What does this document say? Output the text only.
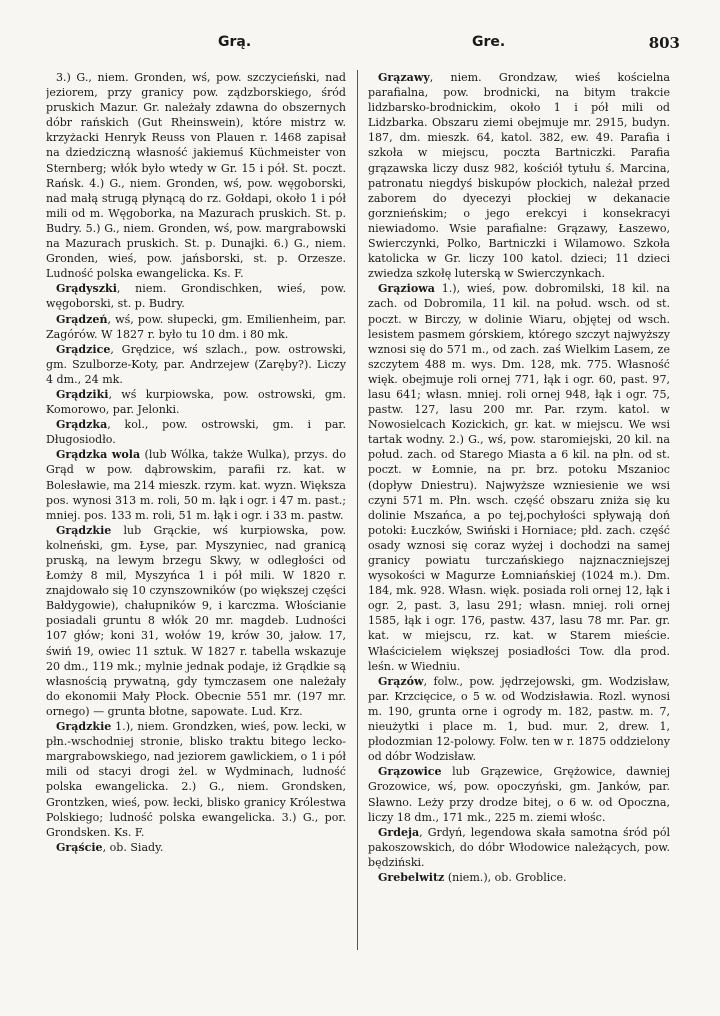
Grą.	Gre.	803

3.) G., niem. Gronden, wś, pow. szczycieński, nad jeziorem, przy granicy pow. ządzborskiego, śród pruskich Mazur. Gr. należały zdawna do obszernych dóbr rańskich (Gut Rheinswein), które mistrz w. krzyżacki Henryk Reuss von Plauen r. 1468 zapisał na dziedziczną własność jakiemuś Küchmeister von Sternberg; włók było wtedy w Gr. 15 i pół. St. poczt. Rańsk. 4.) G., niem. Gronden, wś, pow. węgoborski, nad małą strugą płynącą do rz. Gołdapi, około 1 i pół mili od m. Węgoborka, na Mazurach pruskich. St. p. Budry. 5.) G., niem. Gronden, wś, pow. margrabowski na Mazurach pruskich. St. p. Dunajki. 6.) G., niem. Gronden, wieś, pow. jańsborski, st. p. Orzesze. Ludność polska ewangelicka. Ks. F.

Grądyszki, niem. Grondischken, wieś, pow. węgoborski, st. p. Budry.

Grądzeń, wś, pow. słupecki, gm. Emilienheim, par. Zagórów. W 1827 r. było tu 10 dm. i 80 mk.

Grądzice, Grędzice, wś szlach., pow. ostrowski, gm. Szulborze-Koty, par. Andrzejew (Zaręby?). Liczy 4 dm., 24 mk.

Grądziki, wś kurpiowska, pow. ostrowski, gm. Komorowo, par. Jelonki.

Grądzka, kol., pow. ostrowski, gm. i par. Długosiodło.

Grądzka wola (lub Wólka, także Wulka), przys. do Grąd w pow. dąbrowskim, parafii rz. kat. w Bolesławie, ma 214 mieszk. rzym. kat. wyzn. Większa pos. wynosi 313 m. roli, 50 m. łąk i ogr. i 47 m. past.; mniej. pos. 133 m. roli, 51 m. łąk i ogr. i 33 m. pastw.

Grądzkie lub Grąckie, wś kurpiowska, pow. kolneński, gm. Łyse, par. Myszyniec, nad granicą pruską, na lewym brzegu Skwy, w odległości od Łomży 8 mil, Myszyńca 1 i pół mili. W 1820 r. znajdowało się 10 czynszowników (po większej części Bałdygowie), chałupników 9, i karczma. Włościanie posiadali gruntu 8 włók 20 mr. magdeb. Ludności 107 głów; koni 31, wołów 19, krów 30, jałow. 17, świń 19, owiec 11 sztuk. W 1827 r. tabella wskazuje 20 dm., 119 mk.; mylnie jednak podaje, iż Grądkie są własnością prywatną, gdy tymczasem one należały do ekonomii Mały Płock. Obecnie 551 mr. (197 mr. ornego) — grunta błotne, sapowate. Lud. Krz.

Grądzkie 1.), niem. Grondzken, wieś, pow. lecki, w płn.-wschodniej stronie, blisko traktu bitego lecko-margrabowskiego, nad jeziorem gawlickiem, o 1 i pół mili od stacyi drogi żel. w Wydminach, ludność polska ewangelicka. 2.) G., niem. Grondsken, Grontzken, wieś, pow. łecki, blisko granicy Królestwa Polskiego; ludność polska ewangelicka. 3.) G., por. Grondsken. Ks. F.

Grąście, ob. Siady.

Grązawy, niem. Grondzaw, wieś kościelna parafialna, pow. brodnicki, na bitym trakcie lidzbarsko-brodnickim, około 1 i pół mili od Lidzbarka. Obszaru ziemi obejmuje mr. 2915, budyn. 187, dm. mieszk. 64, katol. 382, ew. 49. Parafia i szkoła w miejscu, poczta Bartniczki. Parafia grązawska liczy dusz 982, kościół tytułu ś. Marcina, patronatu niegdyś biskupów płockich, należał przed zaborem do dyecezyi płockiej w dekanacie gorznieńskim; o jego erekcyi i konsekracyi niewiadomo. Wsie parafialne: Grązawy, Łaszewo, Swierczynki, Polko, Bartniczki i Wilamowo. Szkoła katolicka w Gr. liczy 100 katol. dzieci; 11 dzieci zwiedza szkołę luterską w Swierczynkach.

Grąziowa 1.), wieś, pow. dobromilski, 18 kil. na zach. od Dobromila, 11 kil. na połud. wsch. od st. poczt. w Birczy, w dolinie Wiaru, objętej od wsch. lesistem pasmem górskiem, którego szczyt najwyższy wznosi się do 571 m., od zach. zaś Wielkim Lasem, ze szczytem 488 m. wys. Dm. 128, mk. 775. Własność więk. obejmuje roli ornej 771, łąk i ogr. 60, past. 97, lasu 641; własn. mniej. roli ornej 948, łąk i ogr. 75, pastw. 127, lasu 200 mr. Par. rzym. katol. w Nowosielcach Kozickich, gr. kat. w miejscu. We wsi tartak wodny. 2.) G., wś, pow. staromiejski, 20 kil. na połud. zach. od Starego Miasta a 6 kil. na płn. od st. poczt. w Łomnie, na pr. brz. potoku Mszanioc (dopływ Dniestru). Najwyższe wzniesienie we wsi czyni 571 m. Płn. wsch. część obszaru zniża się ku dolinie Mszańca, a po tej,pochyłości spływają doń potoki: Łuczków, Swiński i Horniace; płd. zach. część osady wznosi się coraz wyżej i dochodzi na samej granicy powiatu turczańskiego najznaczniejszej wysokości w Magurze Łomniańskiej (1024 m.). Dm. 184, mk. 928. Własn. więk. posiada roli ornej 12, łąk i ogr. 2, past. 3, lasu 291; własn. mniej. roli ornej 1585, łąk i ogr. 176, pastw. 437, lasu 78 mr. Par. gr. kat. w miejscu, rz. kat. w Starem mieście. Właścicielem większej posiadłości Tow. dla prod. leśn. w Wiedniu.

Grązów, folw., pow. jędrzejowski, gm. Wodzisław, par. Krzcięcice, o 5 w. od Wodzisławia. Rozl. wynosi m. 190, grunta orne i ogrody m. 182, pastw. m. 7, nieużytki i place m. 1, bud. mur. 2, drew. 1, płodozmian 12-polowy. Folw. ten w r. 1875 oddzielony od dóbr Wodzisław.

Grązowice lub Grązewice, Grężowice, dawniej Grozowice, wś, pow. opoczyński, gm. Janków, par. Sławno. Leży przy drodze bitej, o 6 w. od Opoczna, liczy 18 dm., 171 mk., 225 m. ziemi włośc.

Grdeja, Grdyń, legendowa skała samotna śród pól pakoszowskich, do dóbr Włodowice należących, pow. będziński.

Grebelwitz (niem.), ob. Groblice.
